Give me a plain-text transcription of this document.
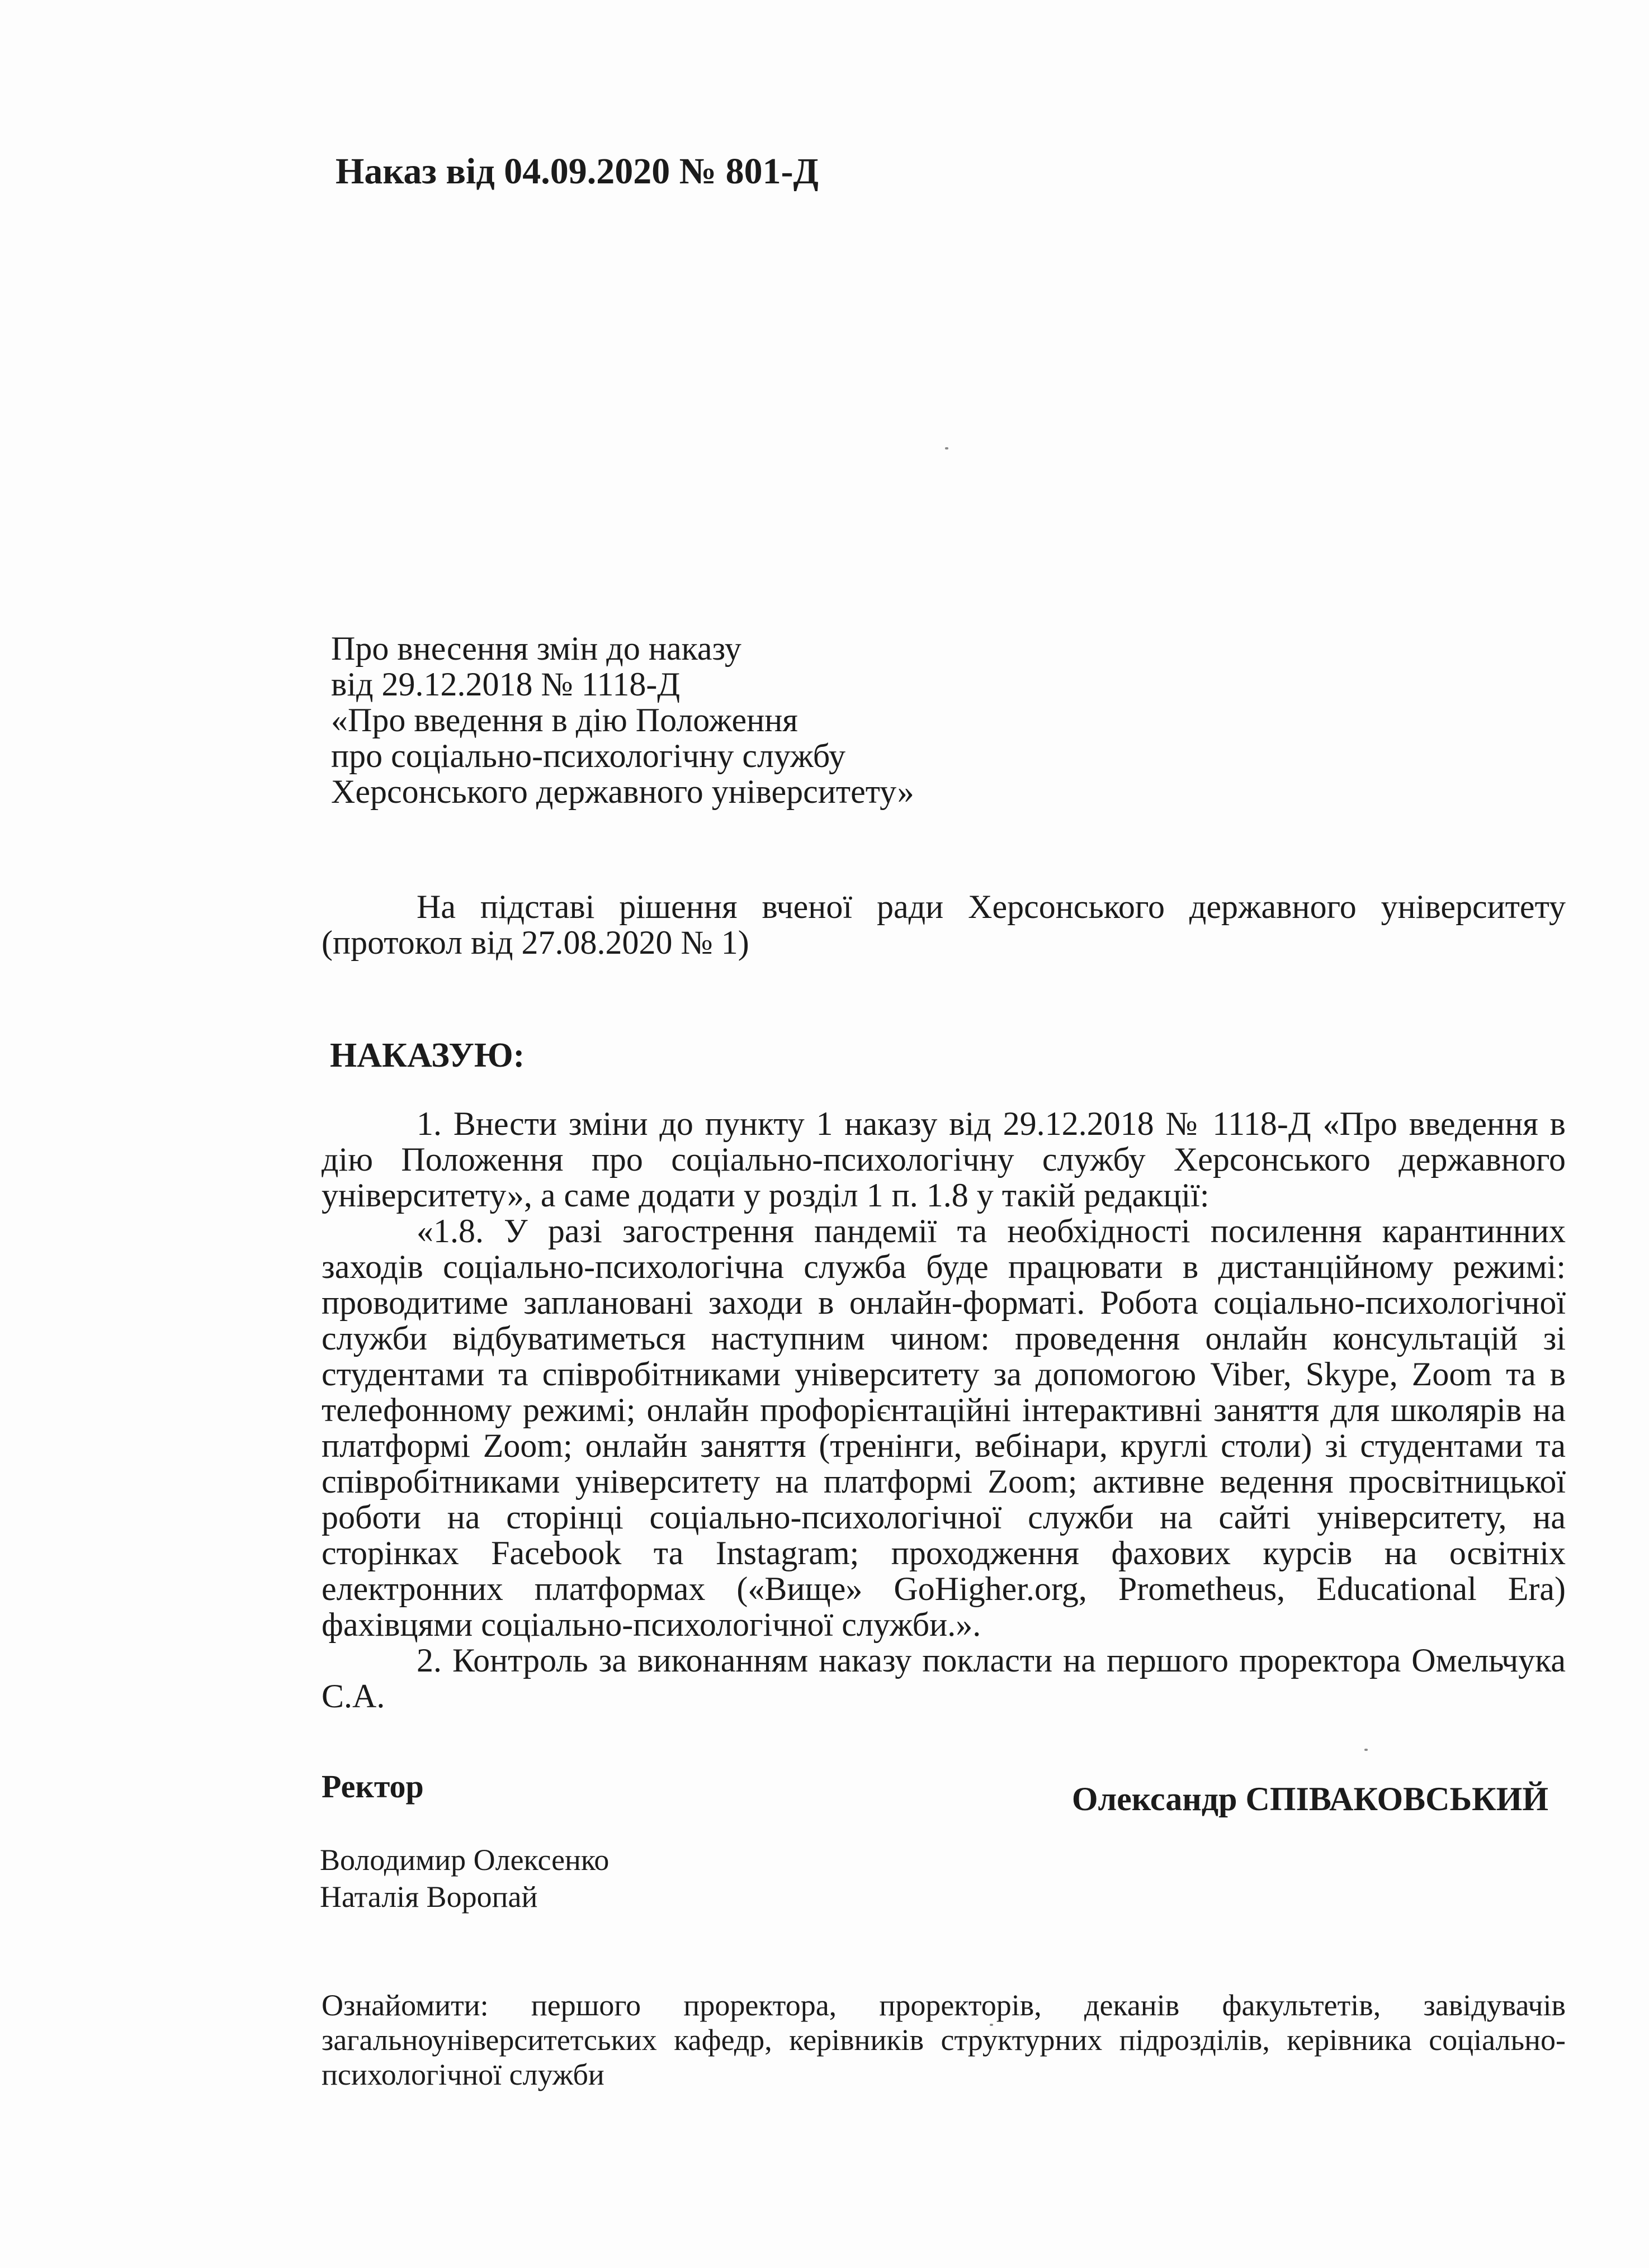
Наказ від 04.09.2020 № 801-Д
Про внесення змін до наказу
від 29.12.2018 № 1118-Д
«Про введення в дію Положення
про соціально-психологічну службу
Херсонського державного університету»
На підставі рішення вченої ради Херсонського державного університету (протокол від 27.08.2020 № 1)
НАКАЗУЮ:

1. Внести зміни до пункту 1 наказу від 29.12.2018 № 1118-Д «Про введення в дію Положення про соціально-психологічну службу Херсонського державного університету», а саме додати у розділ 1 п. 1.8 у такій редакції:

«1.8. У разі загострення пандемії та необхідності посилення карантинних заходів соціально-психологічна служба буде працювати в дистанційному режимі: проводитиме заплановані заходи в онлайн-форматі. Робота соціально-психологічної служби відбуватиметься наступним чином: проведення онлайн консультацій зі студентами та співробітниками університету за допомогою Viber, Skype, Zoom та в телефонному режимі; онлайн профорієнтаційні інтерактивні заняття для школярів на платформі Zoom; онлайн заняття (тренінги, вебінари, круглі столи) зі студентами та співробітниками університету на платформі Zoom; активне ведення просвітницької роботи на сторінці соціально-психологічної служби на сайті університету, на сторінках Facebook та Instagram; проходження фахових курсів на освітніх електронних платформах («Вище» GoHigher.org, Prometheus, Educational Era) фахівцями соціально-психологічної служби.».

2. Контроль за виконанням наказу покласти на першого проректора Омельчука С.А.

Ректор	Олександр СПІВАКОВСЬКИЙ
Володимир Олексенко
Наталія Воропай
Ознайомити: першого проректора, проректорів, деканів факультетів, завідувачів загальноуніверситетських кафедр, керівників структурних підрозділів, керівника соціально-психологічної служби
